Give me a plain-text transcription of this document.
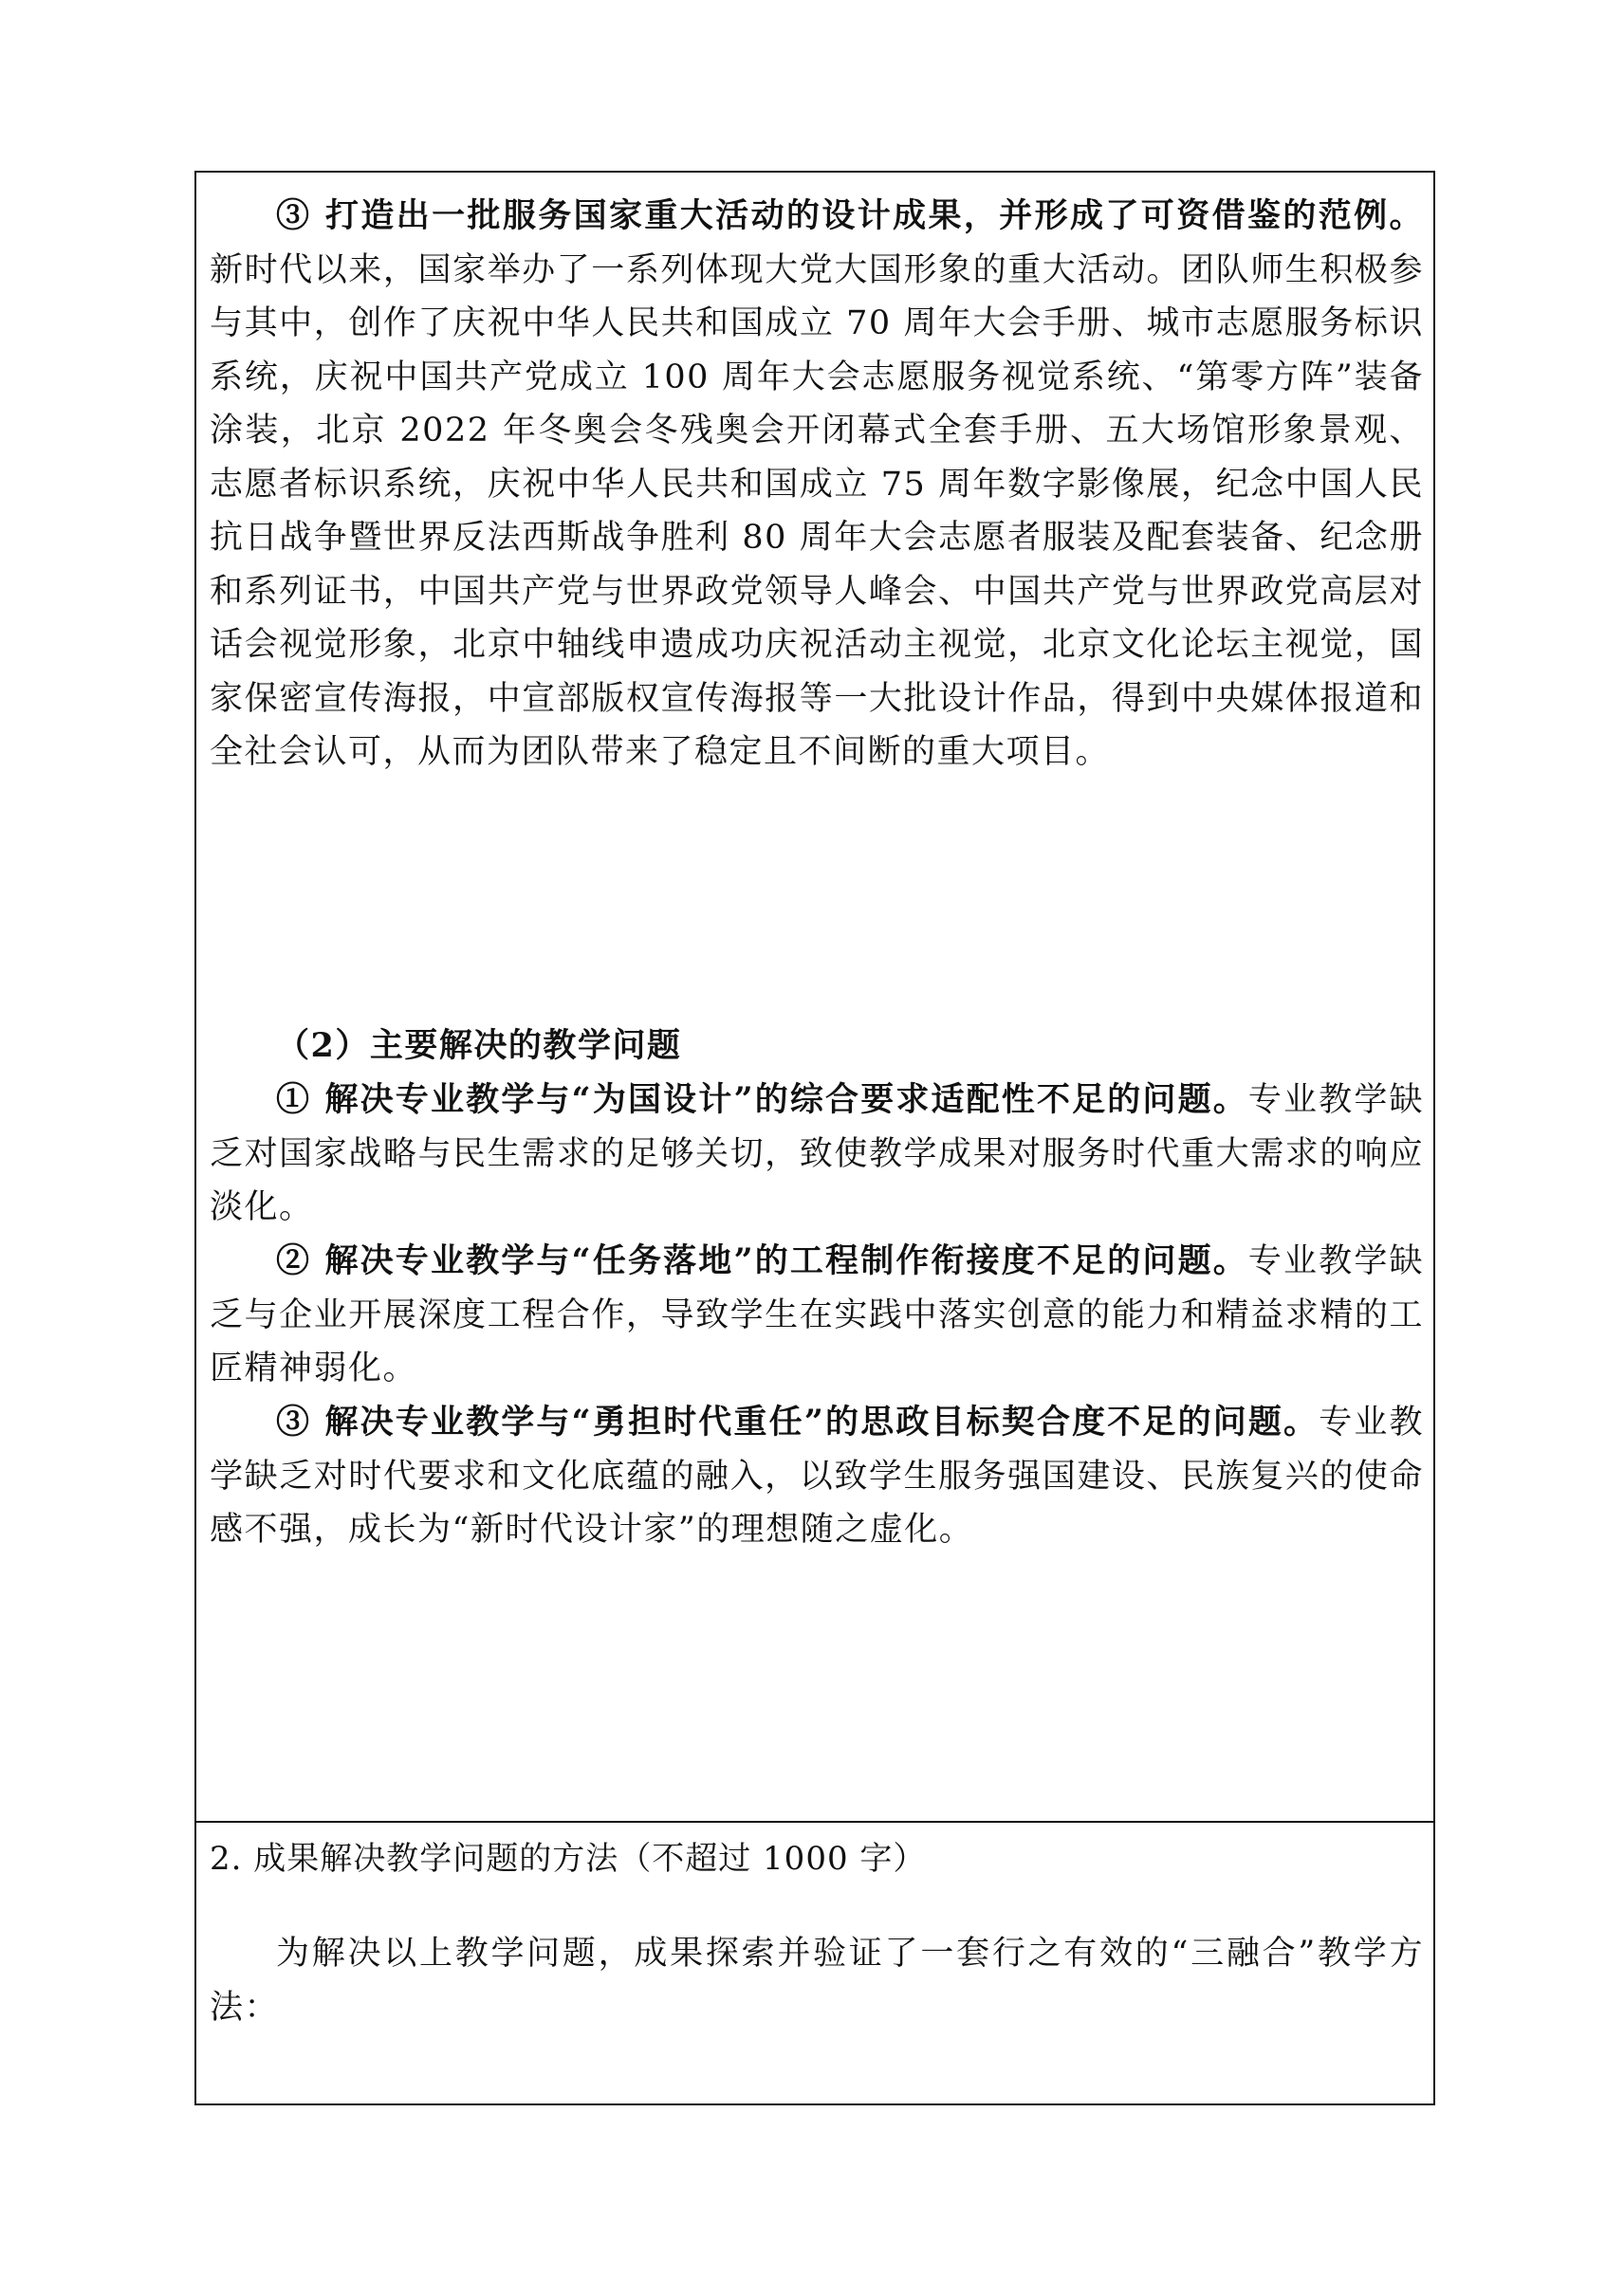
③ 打造出一批服务国家重大活动的设计成果，并形成了可资借鉴的范例。新时代以来，国家举办了一系列体现大党大国形象的重大活动。团队师生积极参与其中，创作了庆祝中华人民共和国成立 70 周年大会手册、城市志愿服务标识系统，庆祝中国共产党成立 100 周年大会志愿服务视觉系统、“第零方阵”装备涂装，北京 2022 年冬奥会冬残奥会开闭幕式全套手册、五大场馆形象景观、志愿者标识系统，庆祝中华人民共和国成立 75 周年数字影像展，纪念中国人民抗日战争暨世界反法西斯战争胜利 80 周年大会志愿者服装及配套装备、纪念册和系列证书，中国共产党与世界政党领导人峰会、中国共产党与世界政党高层对话会视觉形象，北京中轴线申遗成功庆祝活动主视觉，北京文化论坛主视觉，国家保密宣传海报，中宣部版权宣传海报等一大批设计作品，得到中央媒体报道和全社会认可，从而为团队带来了稳定且不间断的重大项目。

（2）主要解决的教学问题

① 解决专业教学与“为国设计”的综合要求适配性不足的问题。专业教学缺乏对国家战略与民生需求的足够关切，致使教学成果对服务时代重大需求的响应淡化。

② 解决专业教学与“任务落地”的工程制作衔接度不足的问题。专业教学缺乏与企业开展深度工程合作，导致学生在实践中落实创意的能力和精益求精的工匠精神弱化。

③ 解决专业教学与“勇担时代重任”的思政目标契合度不足的问题。专业教学缺乏对时代要求和文化底蕴的融入，以致学生服务强国建设、民族复兴的使命感不强，成长为“新时代设计家”的理想随之虚化。

2. 成果解决教学问题的方法（不超过 1000 字）

为解决以上教学问题，成果探索并验证了一套行之有效的“三融合”教学方法：
